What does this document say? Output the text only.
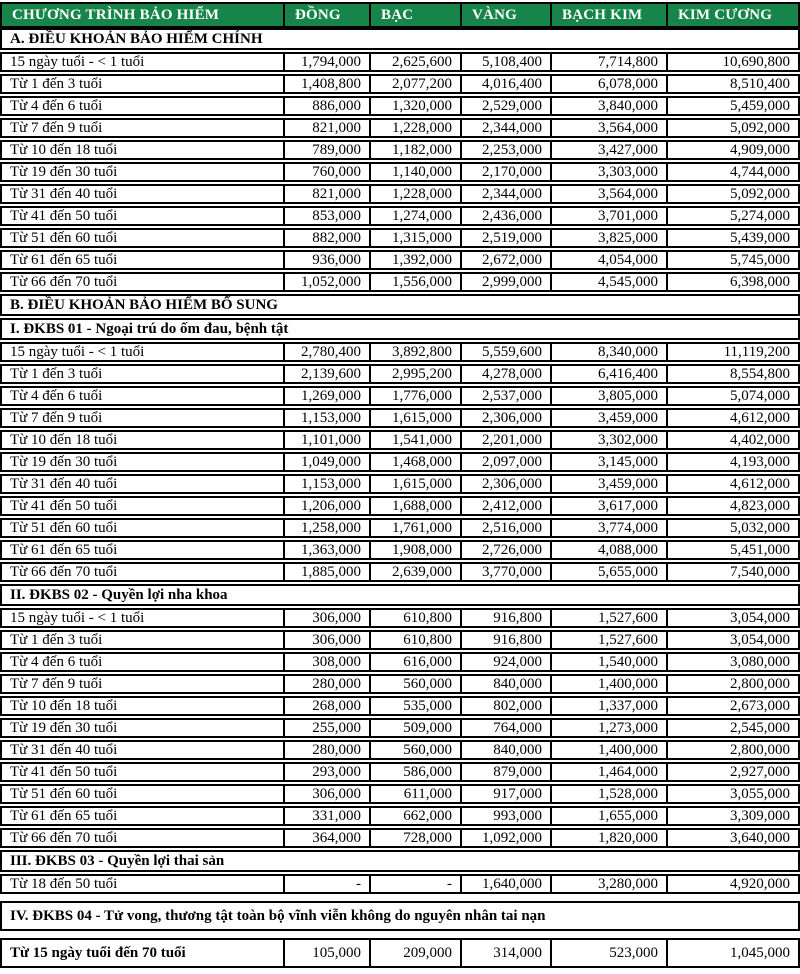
CHƯƠNG TRÌNH BẢO HIỂM	ĐỒNG	BẠC	VÀNG	BẠCH KIM	KIM CƯƠNG
A. ĐIỀU KHOẢN BẢO HIỂM CHÍNH
15 ngày tuổi - < 1 tuổi	1,794,000	2,625,600	5,108,400	7,714,800	10,690,800
Từ 1 đến 3 tuổi	1,408,800	2,077,200	4,016,400	6,078,000	8,510,400
Từ 4 đến 6 tuổi	886,000	1,320,000	2,529,000	3,840,000	5,459,000
Từ 7 đến 9 tuổi	821,000	1,228,000	2,344,000	3,564,000	5,092,000
Từ 10 đến 18 tuổi	789,000	1,182,000	2,253,000	3,427,000	4,909,000
Từ 19 đến 30 tuổi	760,000	1,140,000	2,170,000	3,303,000	4,744,000
Từ 31 đến 40 tuổi	821,000	1,228,000	2,344,000	3,564,000	5,092,000
Từ 41 đến 50 tuổi	853,000	1,274,000	2,436,000	3,701,000	5,274,000
Từ 51 đến 60 tuổi	882,000	1,315,000	2,519,000	3,825,000	5,439,000
Từ 61 đến 65 tuổi	936,000	1,392,000	2,672,000	4,054,000	5,745,000
Từ 66 đến 70 tuổi	1,052,000	1,556,000	2,999,000	4,545,000	6,398,000
B. ĐIỀU KHOẢN BẢO HIỂM BỔ SUNG
I. ĐKBS 01 - Ngoại trú do ốm đau, bệnh tật
15 ngày tuổi - < 1 tuổi	2,780,400	3,892,800	5,559,600	8,340,000	11,119,200
Từ 1 đến 3 tuổi	2,139,600	2,995,200	4,278,000	6,416,400	8,554,800
Từ 4 đến 6 tuổi	1,269,000	1,776,000	2,537,000	3,805,000	5,074,000
Từ 7 đến 9 tuổi	1,153,000	1,615,000	2,306,000	3,459,000	4,612,000
Từ 10 đến 18 tuổi	1,101,000	1,541,000	2,201,000	3,302,000	4,402,000
Từ 19 đến 30 tuổi	1,049,000	1,468,000	2,097,000	3,145,000	4,193,000
Từ 31 đến 40 tuổi	1,153,000	1,615,000	2,306,000	3,459,000	4,612,000
Từ 41 đến 50 tuổi	1,206,000	1,688,000	2,412,000	3,617,000	4,823,000
Từ 51 đến 60 tuổi	1,258,000	1,761,000	2,516,000	3,774,000	5,032,000
Từ 61 đến 65 tuổi	1,363,000	1,908,000	2,726,000	4,088,000	5,451,000
Từ 66 đến 70 tuổi	1,885,000	2,639,000	3,770,000	5,655,000	7,540,000
II. ĐKBS 02 - Quyền lợi nha khoa
15 ngày tuổi - < 1 tuổi	306,000	610,800	916,800	1,527,600	3,054,000
Từ 1 đến 3 tuổi	306,000	610,800	916,800	1,527,600	3,054,000
Từ 4 đến 6 tuổi	308,000	616,000	924,000	1,540,000	3,080,000
Từ 7 đến 9 tuổi	280,000	560,000	840,000	1,400,000	2,800,000
Từ 10 đến 18 tuổi	268,000	535,000	802,000	1,337,000	2,673,000
Từ 19 đến 30 tuổi	255,000	509,000	764,000	1,273,000	2,545,000
Từ 31 đến 40 tuổi	280,000	560,000	840,000	1,400,000	2,800,000
Từ 41 đến 50 tuổi	293,000	586,000	879,000	1,464,000	2,927,000
Từ 51 đến 60 tuổi	306,000	611,000	917,000	1,528,000	3,055,000
Từ 61 đến 65 tuổi	331,000	662,000	993,000	1,655,000	3,309,000
Từ 66 đến 70 tuổi	364,000	728,000	1,092,000	1,820,000	3,640,000
III. ĐKBS 03 - Quyền lợi thai sản
Từ 18 đến 50 tuổi	-	-	1,640,000	3,280,000	4,920,000
IV. ĐKBS 04 - Tử vong, thương tật toàn bộ vĩnh viễn không do nguyên nhân tai nạn
Từ 15 ngày tuổi đến 70 tuổi	105,000	209,000	314,000	523,000	1,045,000
